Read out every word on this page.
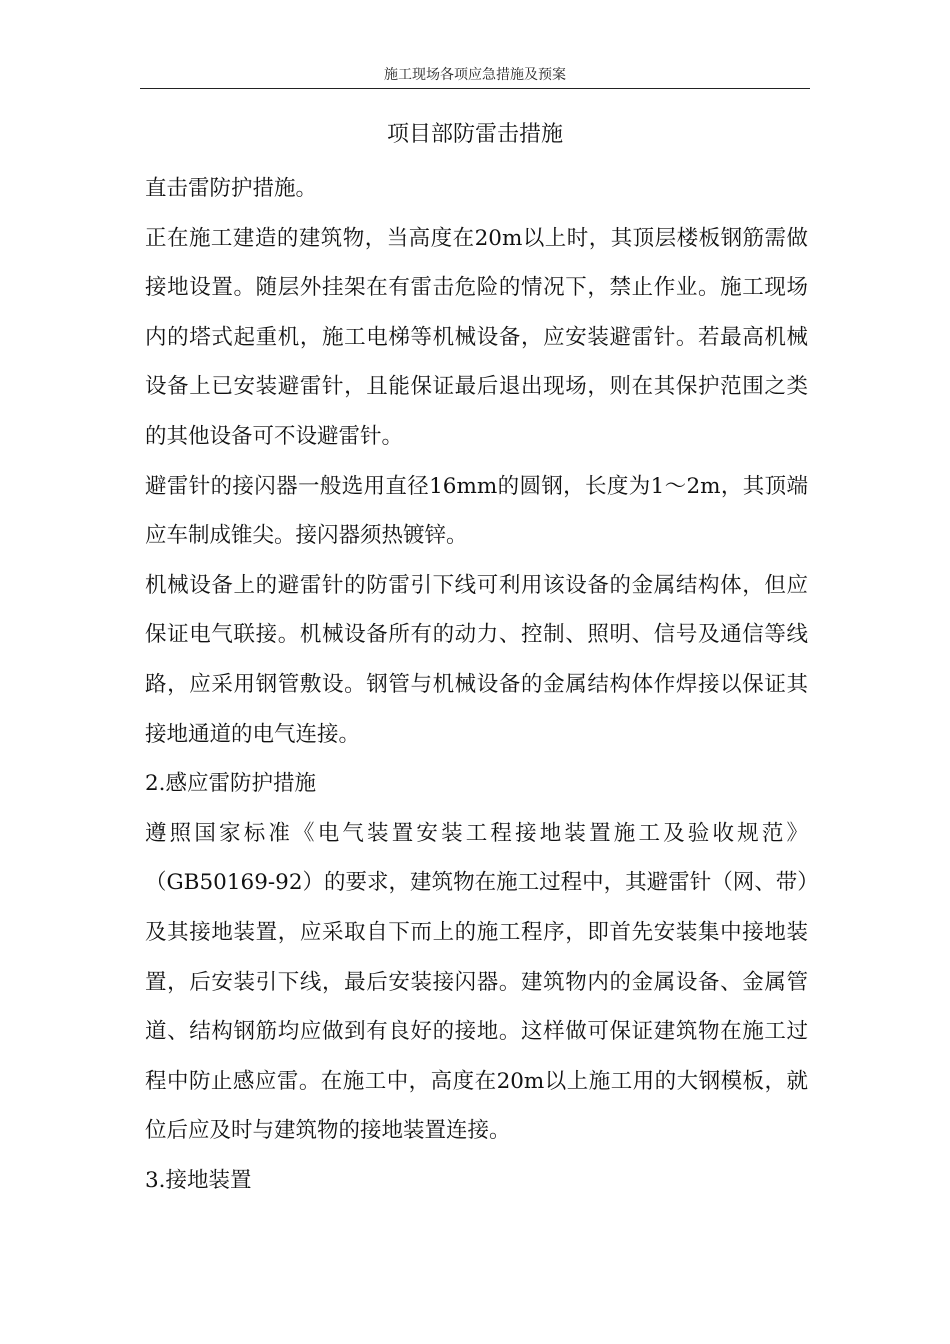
施工现场各项应急措施及预案
项目部防雷击措施

直击雷防护措施。

正在施工建造的建筑物，当高度在20m以上时，其顶层楼板钢筋需做接地设置。随层外挂架在有雷击危险的情况下，禁止作业。施工现场内的塔式起重机，施工电梯等机械设备，应安装避雷针。若最高机械设备上已安装避雷针，且能保证最后退出现场，则在其保护范围之类的其他设备可不设避雷针。

避雷针的接闪器一般选用直径16mm的圆钢，长度为1～2m，其顶端应车制成锥尖。接闪器须热镀锌。

机械设备上的避雷针的防雷引下线可利用该设备的金属结构体，但应保证电气联接。机械设备所有的动力、控制、照明、信号及通信等线路，应采用钢管敷设。钢管与机械设备的金属结构体作焊接以保证其接地通道的电气连接。

2.感应雷防护措施

遵照国家标准《电气装置安装工程接地装置施工及验收规范》（GB50169-92）的要求，建筑物在施工过程中，其避雷针（网、带）及其接地装置，应采取自下而上的施工程序，即首先安装集中接地装置，后安装引下线，最后安装接闪器。建筑物内的金属设备、金属管道、结构钢筋均应做到有良好的接地。这样做可保证建筑物在施工过程中防止感应雷。在施工中，高度在20m以上施工用的大钢模板，就位后应及时与建筑物的接地装置连接。

3.接地装置
